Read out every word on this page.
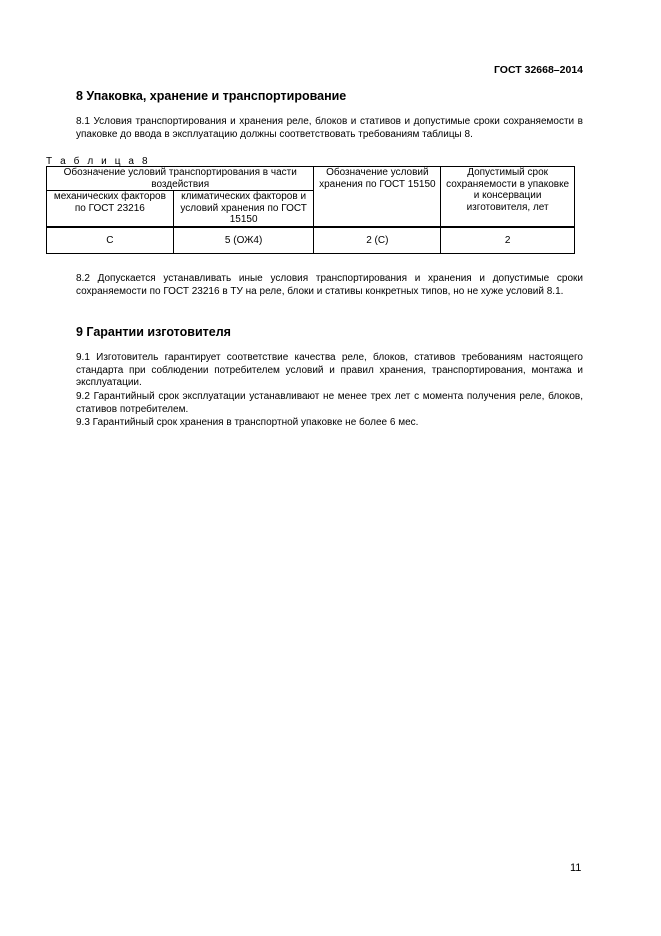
ГОСТ 32668–2014
8 Упаковка, хранение и транспортирование
8.1 Условия транспортирования и хранения реле, блоков и стативов и допустимые сроки сохраняемости в упаковке до ввода в эксплуатацию должны соответствовать требованиям таблицы 8.
Т а б л и ц а 8
Обозначение условий транспортирования в части воздействия		Обозначение условий хранения по ГОСТ 15150	Допустимый срок сохраняемости в упаковке и консервации изготовителя, лет
механических факторов по ГОСТ 23216	климатических факторов и условий хранения по ГОСТ 15150		
С	5 (ОЖ4)	2 (С)	2
8.2 Допускается устанавливать иные условия транспортирования и хранения и допустимые сроки сохраняемости по ГОСТ 23216 в ТУ на реле, блоки и стативы конкретных типов, но не хуже условий 8.1.
9 Гарантии изготовителя
9.1 Изготовитель гарантирует соответствие качества реле, блоков, стативов требованиям настоящего стандарта при соблюдении потребителем условий и правил хранения, транспортирования, монтажа и эксплуатации.
9.2 Гарантийный срок эксплуатации устанавливают не менее трех лет с момента получения реле, блоков, стативов потребителем.
9.3 Гарантийный срок хранения в транспортной упаковке не более 6 мес.
11
